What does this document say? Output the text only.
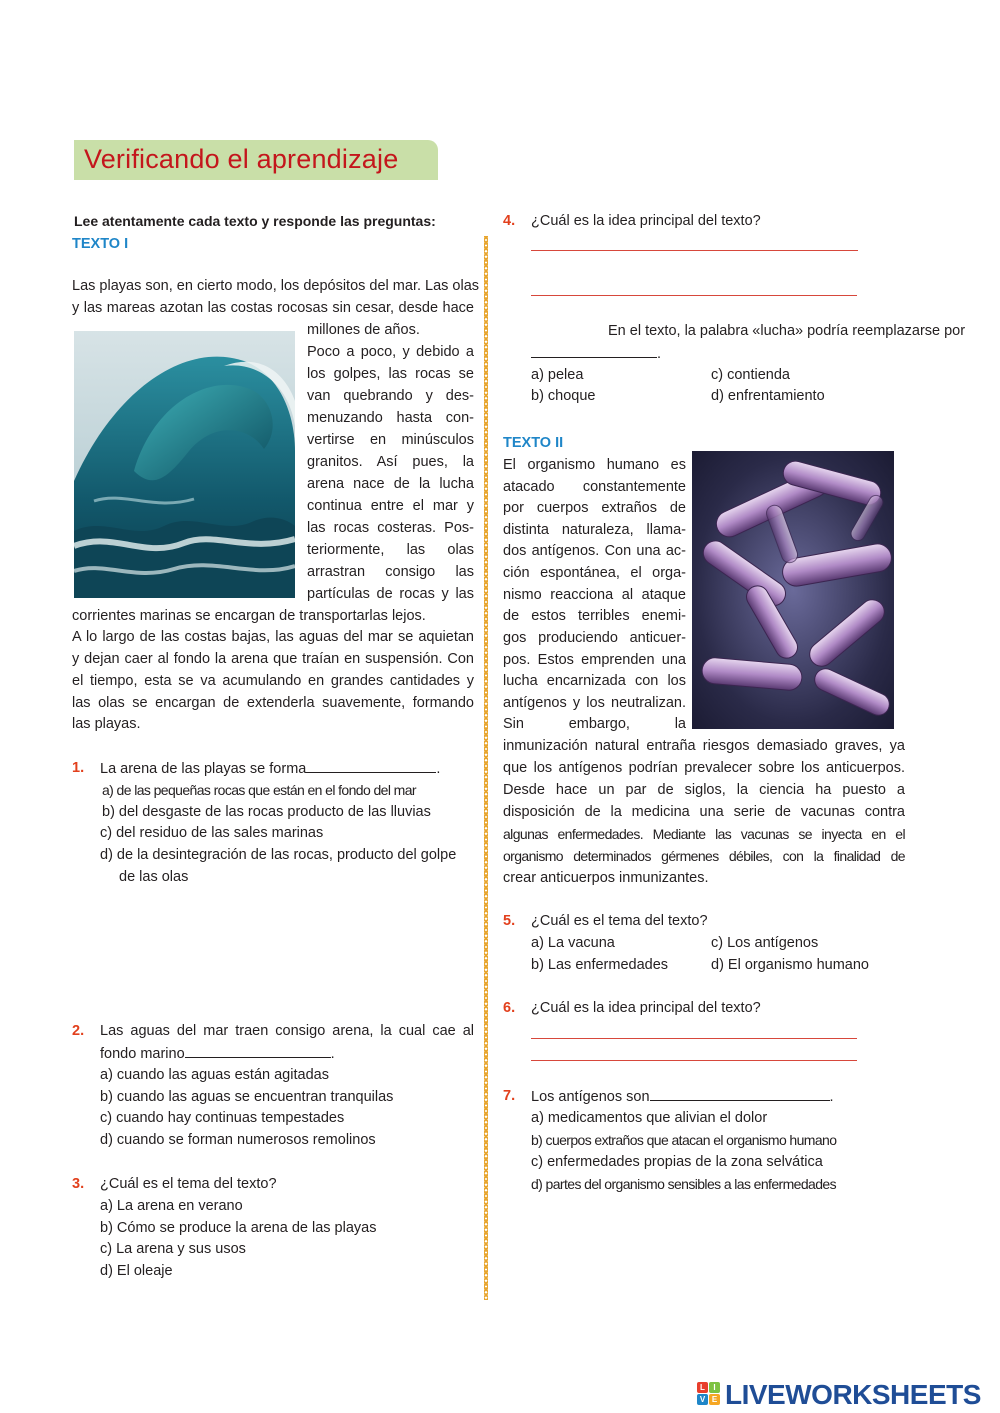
Verificando el aprendizaje
Lee atentamente cada texto y responde las preguntas:
TEXTO I
Las playas son, en cierto modo, los depósitos del mar. Las olas
y las mareas azotan las costas rocosas sin cesar, desde hace
millones de años.
Poco a poco, y debido a
los golpes, las rocas se
van quebrando y des-
menuzando hasta con-
vertirse en minúsculos
granitos. Así pues, la
arena nace de la lucha
continua entre el mar y
las rocas costeras. Pos-
teriormente, las olas
arrastran consigo las
partículas de rocas y las
corrientes marinas se encargan de transportarlas lejos.
A lo largo de las costas bajas, las aguas del mar se aquietan
y dejan caer al fondo la arena que traían en suspensión. Con
el tiempo, esta se va acumulando en grandes cantidades y
las olas se encargan de extenderla suavemente, formando
las playas.
1. La arena de las playas se forma	.
a) de las pequeñas rocas que están en el fondo del mar
b) del desgaste de las rocas producto de las lluvias
c) del residuo de las sales marinas
d) de la desintegración de las rocas, producto del golpe
de las olas
2. Las aguas del mar traen consigo arena, la cual cae al
fondo marino	.
a) cuando las aguas están agitadas
b) cuando las aguas se encuentran tranquilas
c) cuando hay continuas tempestades
d) cuando se forman numerosos remolinos
3. ¿Cuál es el tema del texto?
a) La arena en verano
b) Cómo se produce la arena de las playas
c) La arena y sus usos
d) El oleaje
4. ¿Cuál es la idea principal del texto?
En el texto, la palabra «lucha» podría reemplazarse por
.
a) pelea	c) contienda
b) choque	d) enfrentamiento
TEXTO II
El organismo humano es
atacado constantemente
por cuerpos extraños de
distinta naturaleza, llama-
dos antígenos. Con una ac-
ción espontánea, el orga-
nismo reacciona al ataque
de estos terribles enemi-
gos produciendo anticuer-
pos. Estos emprenden una
lucha encarnizada con los
antígenos y los neutralizan.
Sin embargo, la
inmunización natural entraña riesgos demasiado graves, ya
que los antígenos podrían prevalecer sobre los anticuerpos.
Desde hace un par de siglos, la ciencia ha puesto a
disposición de la medicina una serie de vacunas contra
algunas enfermedades. Mediante las vacunas se inyecta en el
organismo determinados gérmenes débiles, con la finalidad de
crear anticuerpos inmunizantes.
5. ¿Cuál es el tema del texto?
a) La vacuna	c) Los antígenos
b) Las enfermedades	d) El organismo humano
6. ¿Cuál es la idea principal del texto?
7. Los antígenos son	.
a) medicamentos que alivian el dolor
b) cuerpos extraños que atacan el organismo humano
c) enfermedades propias de la zona selvática
d) partes del organismo sensibles a las enfermedades
L	I
V E LIVEWORKSHEETS
